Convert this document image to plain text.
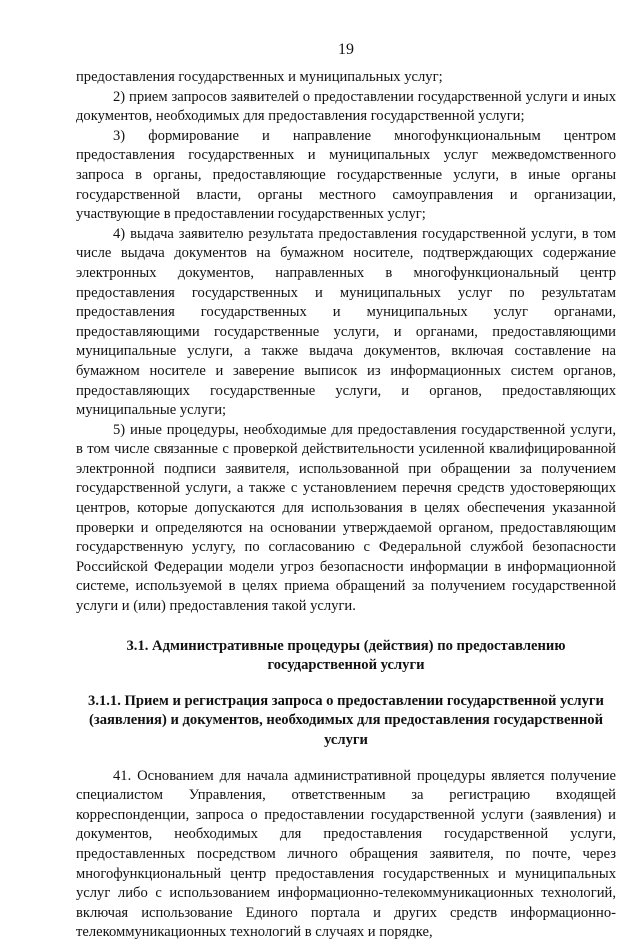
19

предоставления государственных и муниципальных услуг;

2) прием запросов заявителей о предоставлении государственной услуги и иных документов, необходимых для предоставления государственной услуги;

3) формирование и направление многофункциональным центром предоставления государственных и муниципальных услуг межведомственного запроса в органы, предоставляющие государственные услуги, в иные органы государственной власти, органы местного самоуправления и организации, участвующие в предоставлении государственных услуг;

4) выдача заявителю результата предоставления государственной услуги, в том числе выдача документов на бумажном носителе, подтверждающих содержание электронных документов, направленных в многофункциональный центр предоставления государственных и муниципальных услуг по результатам предоставления государственных и муниципальных услуг органами, предоставляющими государственные услуги, и органами, предоставляющими муниципальные услуги, а также выдача документов, включая составление на бумажном носителе и заверение выписок из информационных систем органов, предоставляющих государственные услуги, и органов, предоставляющих муниципальные услуги;

5) иные процедуры, необходимые для предоставления государственной услуги, в том числе связанные с проверкой действительности усиленной квалифицированной электронной подписи заявителя, использованной при обращении за получением государственной услуги, а также с установлением перечня средств удостоверяющих центров, которые допускаются для использования в целях обеспечения указанной проверки и определяются на основании утверждаемой органом, предоставляющим государственную услугу, по согласованию с Федеральной службой безопасности Российской Федерации модели угроз безопасности информации в информационной системе, используемой в целях приема обращений за получением государственной услуги и (или) предоставления такой услуги.

3.1. Административные процедуры (действия) по предоставлению государственной услуги

3.1.1. Прием и регистрация запроса о предоставлении государственной услуги (заявления) и документов, необходимых для предоставления государственной услуги

41. Основанием для начала административной процедуры является получение специалистом Управления, ответственным за регистрацию входящей корреспонденции, запроса о предоставлении государственной услуги (заявления) и документов, необходимых для предоставления государственной услуги, предоставленных посредством личного обращения заявителя, по почте, через многофункциональный центр предоставления государственных и муниципальных услуг либо с использованием информационно-телекоммуникационных технологий, включая использование Единого портала и других средств информационно-телекоммуникационных технологий в случаях и порядке,
